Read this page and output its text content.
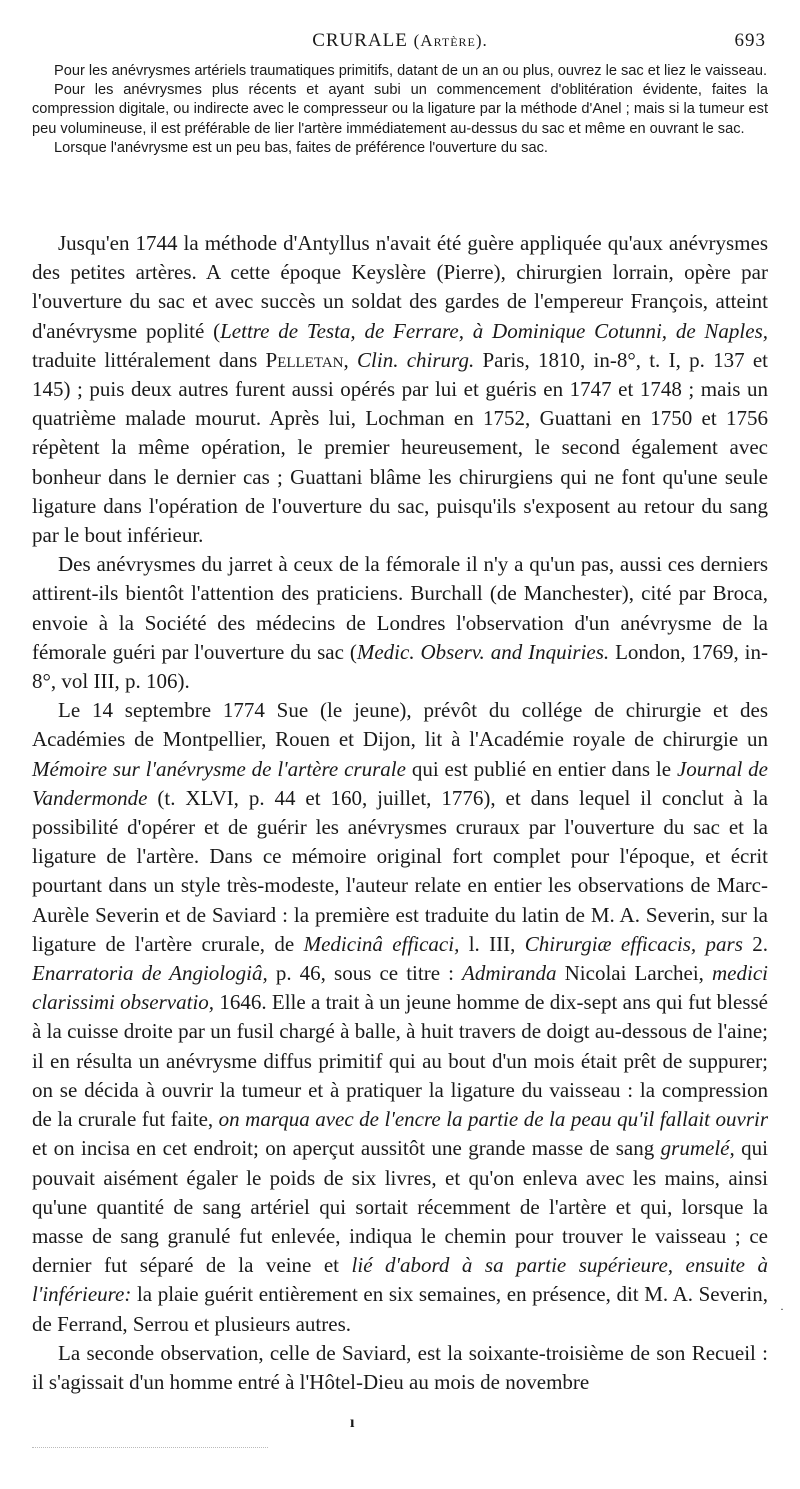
CRURALE (Artère).	693

Pour les anévrysmes artériels traumatiques primitifs, datant de un an ou plus, ouvrez le sac et liez le vaisseau.

Pour les anévrysmes plus récents et ayant subi un commencement d'oblitération évidente, faites la compression digitale, ou indirecte avec le compresseur ou la ligature par la méthode d'Anel ; mais si la tumeur est peu volumineuse, il est préférable de lier l'artère immédiatement au-dessus du sac et même en ouvrant le sac.

Lorsque l'anévrysme est un peu bas, faites de préférence l'ouverture du sac.

Jusqu'en 1744 la méthode d'Antyllus n'avait été guère appliquée qu'aux anévrysmes des petites artères. A cette époque Keyslère (Pierre), chirurgien lorrain, opère par l'ouverture du sac et avec succès un soldat des gardes de l'empereur François, atteint d'anévrysme poplité (Lettre de Testa, de Ferrare, à Dominique Cotunni, de Naples, traduite littéralement dans Pelletan, Clin. chirurg. Paris, 1810, in-8°, t. I, p. 137 et 145) ; puis deux autres furent aussi opérés par lui et guéris en 1747 et 1748 ; mais un quatrième malade mourut. Après lui, Lochman en 1752, Guattani en 1750 et 1756 répètent la même opération, le premier heureusement, le second également avec bonheur dans le dernier cas ; Guattani blâme les chirurgiens qui ne font qu'une seule ligature dans l'opération de l'ouverture du sac, puisqu'ils s'exposent au retour du sang par le bout inférieur.

Des anévrysmes du jarret à ceux de la fémorale il n'y a qu'un pas, aussi ces derniers attirent-ils bientôt l'attention des praticiens. Burchall (de Manchester), cité par Broca, envoie à la Société des médecins de Londres l'observation d'un anévrysme de la fémorale guéri par l'ouverture du sac (Medic. Observ. and Inquiries. London, 1769, in-8°, vol III, p. 106).

Le 14 septembre 1774 Sue (le jeune), prévôt du collége de chirurgie et des Académies de Montpellier, Rouen et Dijon, lit à l'Académie royale de chirurgie un Mémoire sur l'anévrysme de l'artère crurale qui est publié en entier dans le Journal de Vandermonde (t. XLVI, p. 44 et 160, juillet, 1776), et dans lequel il conclut à la possibilité d'opérer et de guérir les anévrysmes cruraux par l'ouverture du sac et la ligature de l'artère. Dans ce mémoire original fort complet pour l'époque, et écrit pourtant dans un style très-modeste, l'auteur relate en entier les observations de Marc-Aurèle Severin et de Saviard : la première est traduite du latin de M. A. Severin, sur la ligature de l'artère crurale, de Medicinâ efficaci, l. III, Chirurgiæ efficacis, pars 2. Enarratoria de Angiologiâ, p. 46, sous ce titre : Admiranda Nicolai Larchei, medici clarissimi observatio, 1646. Elle a trait à un jeune homme de dix-sept ans qui fut blessé à la cuisse droite par un fusil chargé à balle, à huit travers de doigt au-dessous de l'aine; il en résulta un anévrysme diffus primitif qui au bout d'un mois était prêt de suppurer; on se décida à ouvrir la tumeur et à pratiquer la ligature du vaisseau : la compression de la crurale fut faite, on marqua avec de l'encre la partie de la peau qu'il fallait ouvrir et on incisa en cet endroit; on aperçut aussitôt une grande masse de sang grumelé, qui pouvait aisément égaler le poids de six livres, et qu'on enleva avec les mains, ainsi qu'une quantité de sang artériel qui sortait récemment de l'artère et qui, lorsque la masse de sang granulé fut enlevée, indiqua le chemin pour trouver le vaisseau ; ce dernier fut séparé de la veine et lié d'abord à sa partie supérieure, ensuite à l'inférieure: la plaie guérit entièrement en six semaines, en présence, dit M. A. Severin, de Ferrand, Serrou et plusieurs autres.

La seconde observation, celle de Saviard, est la soixante-troisième de son Recueil : il s'agissait d'un homme entré à l'Hôtel-Dieu au mois de novembre

·
ı
